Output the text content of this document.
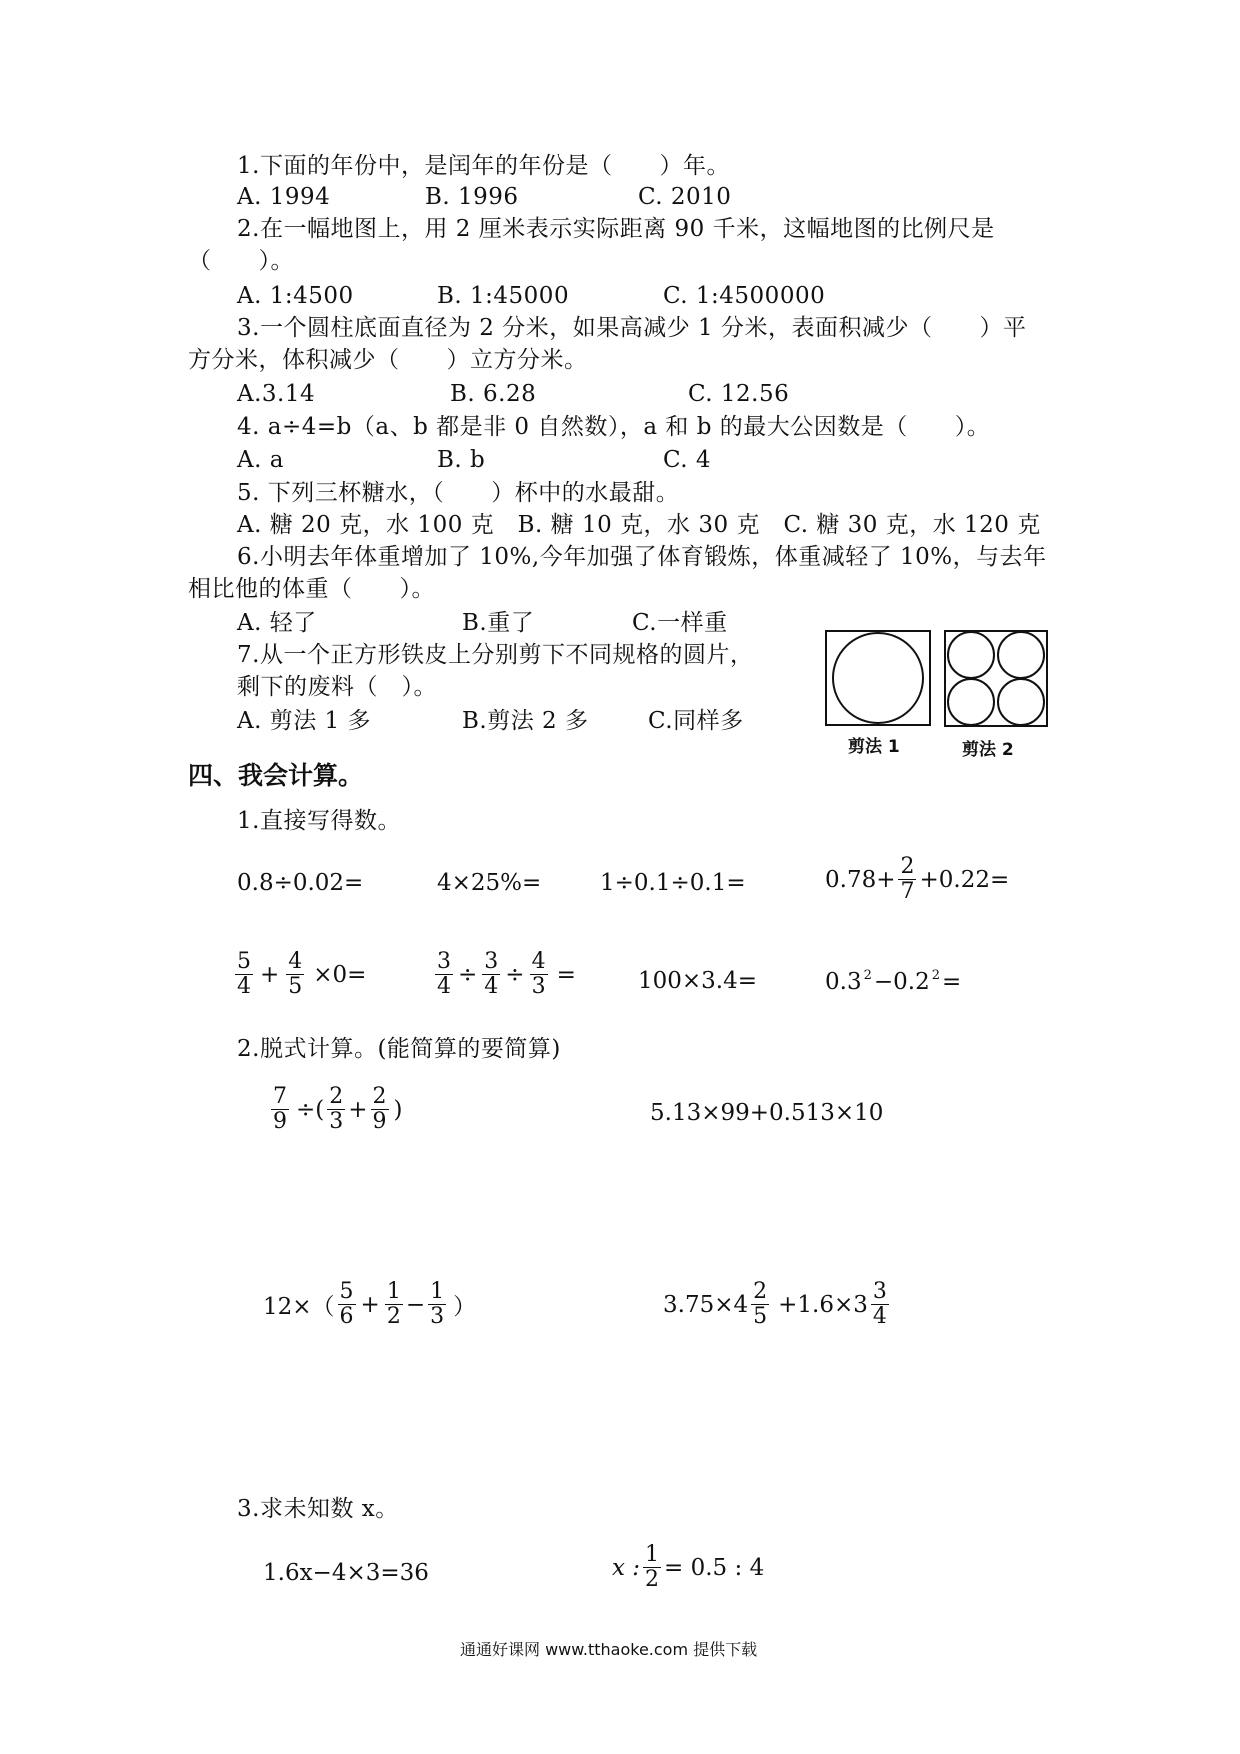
1.下面的年份中，是闰年的年份是（　　）年。
A. 1994	B. 1996	C. 2010
2.在一幅地图上，用 2 厘米表示实际距离 90 千米，这幅地图的比例尺是
（　　）。
A. 1:4500	B. 1:45000	C. 1:4500000
3.一个圆柱底面直径为 2 分米，如果高减少 1 分米，表面积减少（　　）平
方分米，体积减少（　　）立方分米。
A.3.14	B. 6.28	C. 12.56
4. a÷4=b（a、b 都是非 0 自然数），a 和 b 的最大公因数是（　　）。
A. a	B. b	C. 4
5. 下列三杯糖水，（　　）杯中的水最甜。
A. 糖 20 克，水 100 克　B. 糖 10 克，水 30 克　C. 糖 30 克，水 120 克
6.小明去年体重增加了 10%,今年加强了体育锻炼，体重减轻了 10%，与去年
相比他的体重（　　）。
A. 轻了	B.重了	C.一样重
7.从一个正方形铁皮上分别剪下不同规格的圆片，
剩下的废料（　）。
A. 剪法 1 多	B.剪法 2 多	C.同样多
剪法 1	剪法 2
四、我会计算。
1.直接写得数。
0.8÷0.02=	4×25%=	1÷0.1÷0.1=	$0.78+ \frac{2}{7} +0.22=$
$\frac{5}{4} + \frac{4}{5} \times 0=$	$\frac{3}{4} \div \frac{3}{4} \div \frac{4}{3}$ =	100×3.4=	0.3 $^2$−0.2 $^2$=
2.脱式计算。(能简算的要简算)
$\frac{7}{9}$ ÷( $\frac{2}{3} + \frac{2}{9}$ )	5.13×99+0.513×10
$12\times( \frac{5}{6} + \frac{1}{2} - \frac{1}{3}$ ）	$3.75\times 4 \frac{2}{5} +1.6\times 3 \frac{3}{4}$
3.求未知数 x。
1.6x−4×3=36	x : $\frac{1}{2} = 0.5$ : 4
通通好课网 www.tthaoke.com 提供下载
